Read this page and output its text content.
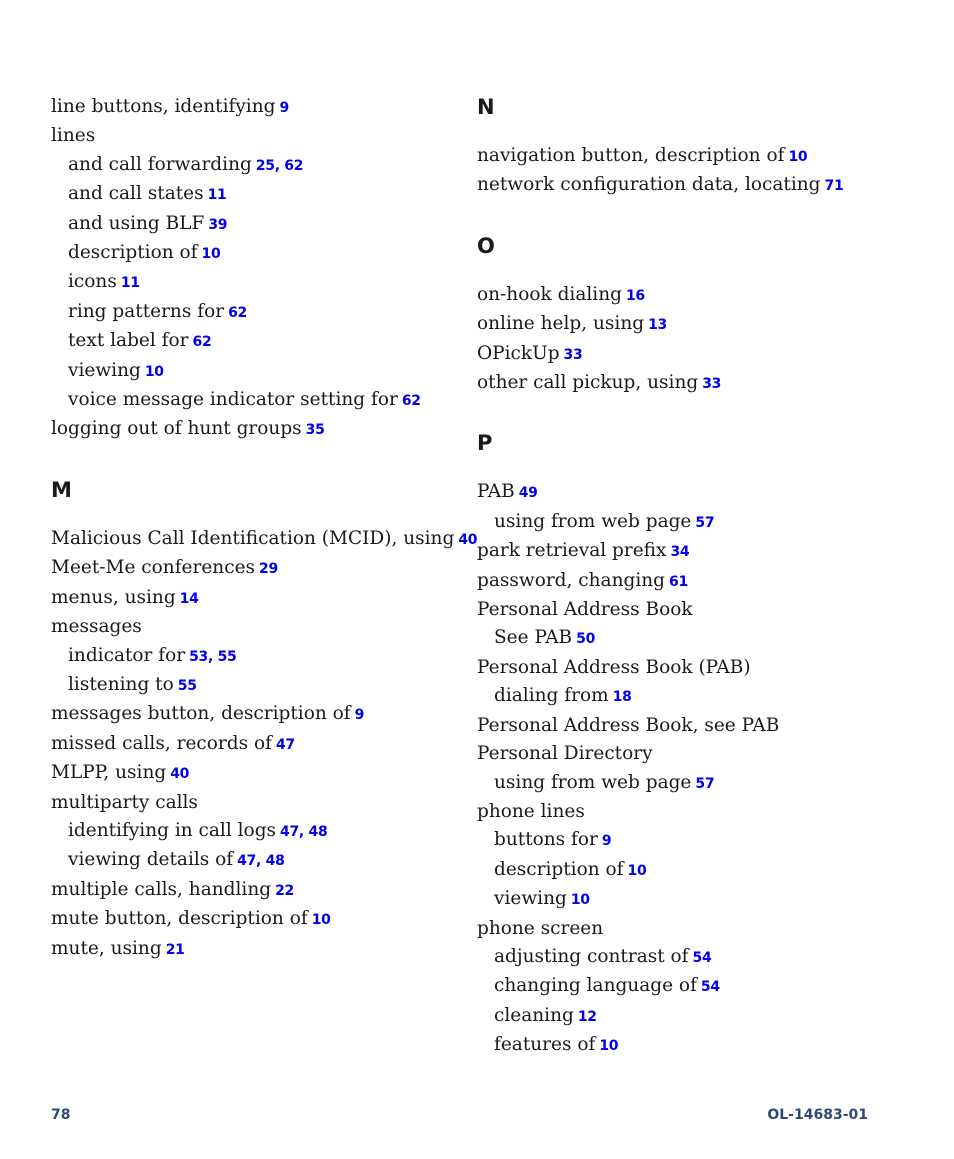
line buttons, identifying 9
lines
and call forwarding 25, 62
and call states 11
and using BLF 39
description of 10
icons 11
ring patterns for 62
text label for 62
viewing 10
voice message indicator setting for 62
logging out of hunt groups 35
M
Malicious Call Identification (MCID), using 40
Meet-Me conferences 29
menus, using 14
messages
indicator for 53, 55
listening to 55
messages button, description of 9
missed calls, records of 47
MLPP, using 40
multiparty calls
identifying in call logs 47, 48
viewing details of 47, 48
multiple calls, handling 22
mute button, description of 10
mute, using 21
N
navigation button, description of 10
network configuration data, locating 71
O
on-hook dialing 16
online help, using 13
OPickUp 33
other call pickup, using 33
P
PAB 49
using from web page 57
park retrieval prefix 34
password, changing 61
Personal Address Book
See PAB 50
Personal Address Book (PAB)
dialing from 18
Personal Address Book, see PAB
Personal Directory
using from web page 57
phone lines
buttons for 9
description of 10
viewing 10
phone screen
adjusting contrast of 54
changing language of 54
cleaning 12
features of 10
78	OL-14683-01
